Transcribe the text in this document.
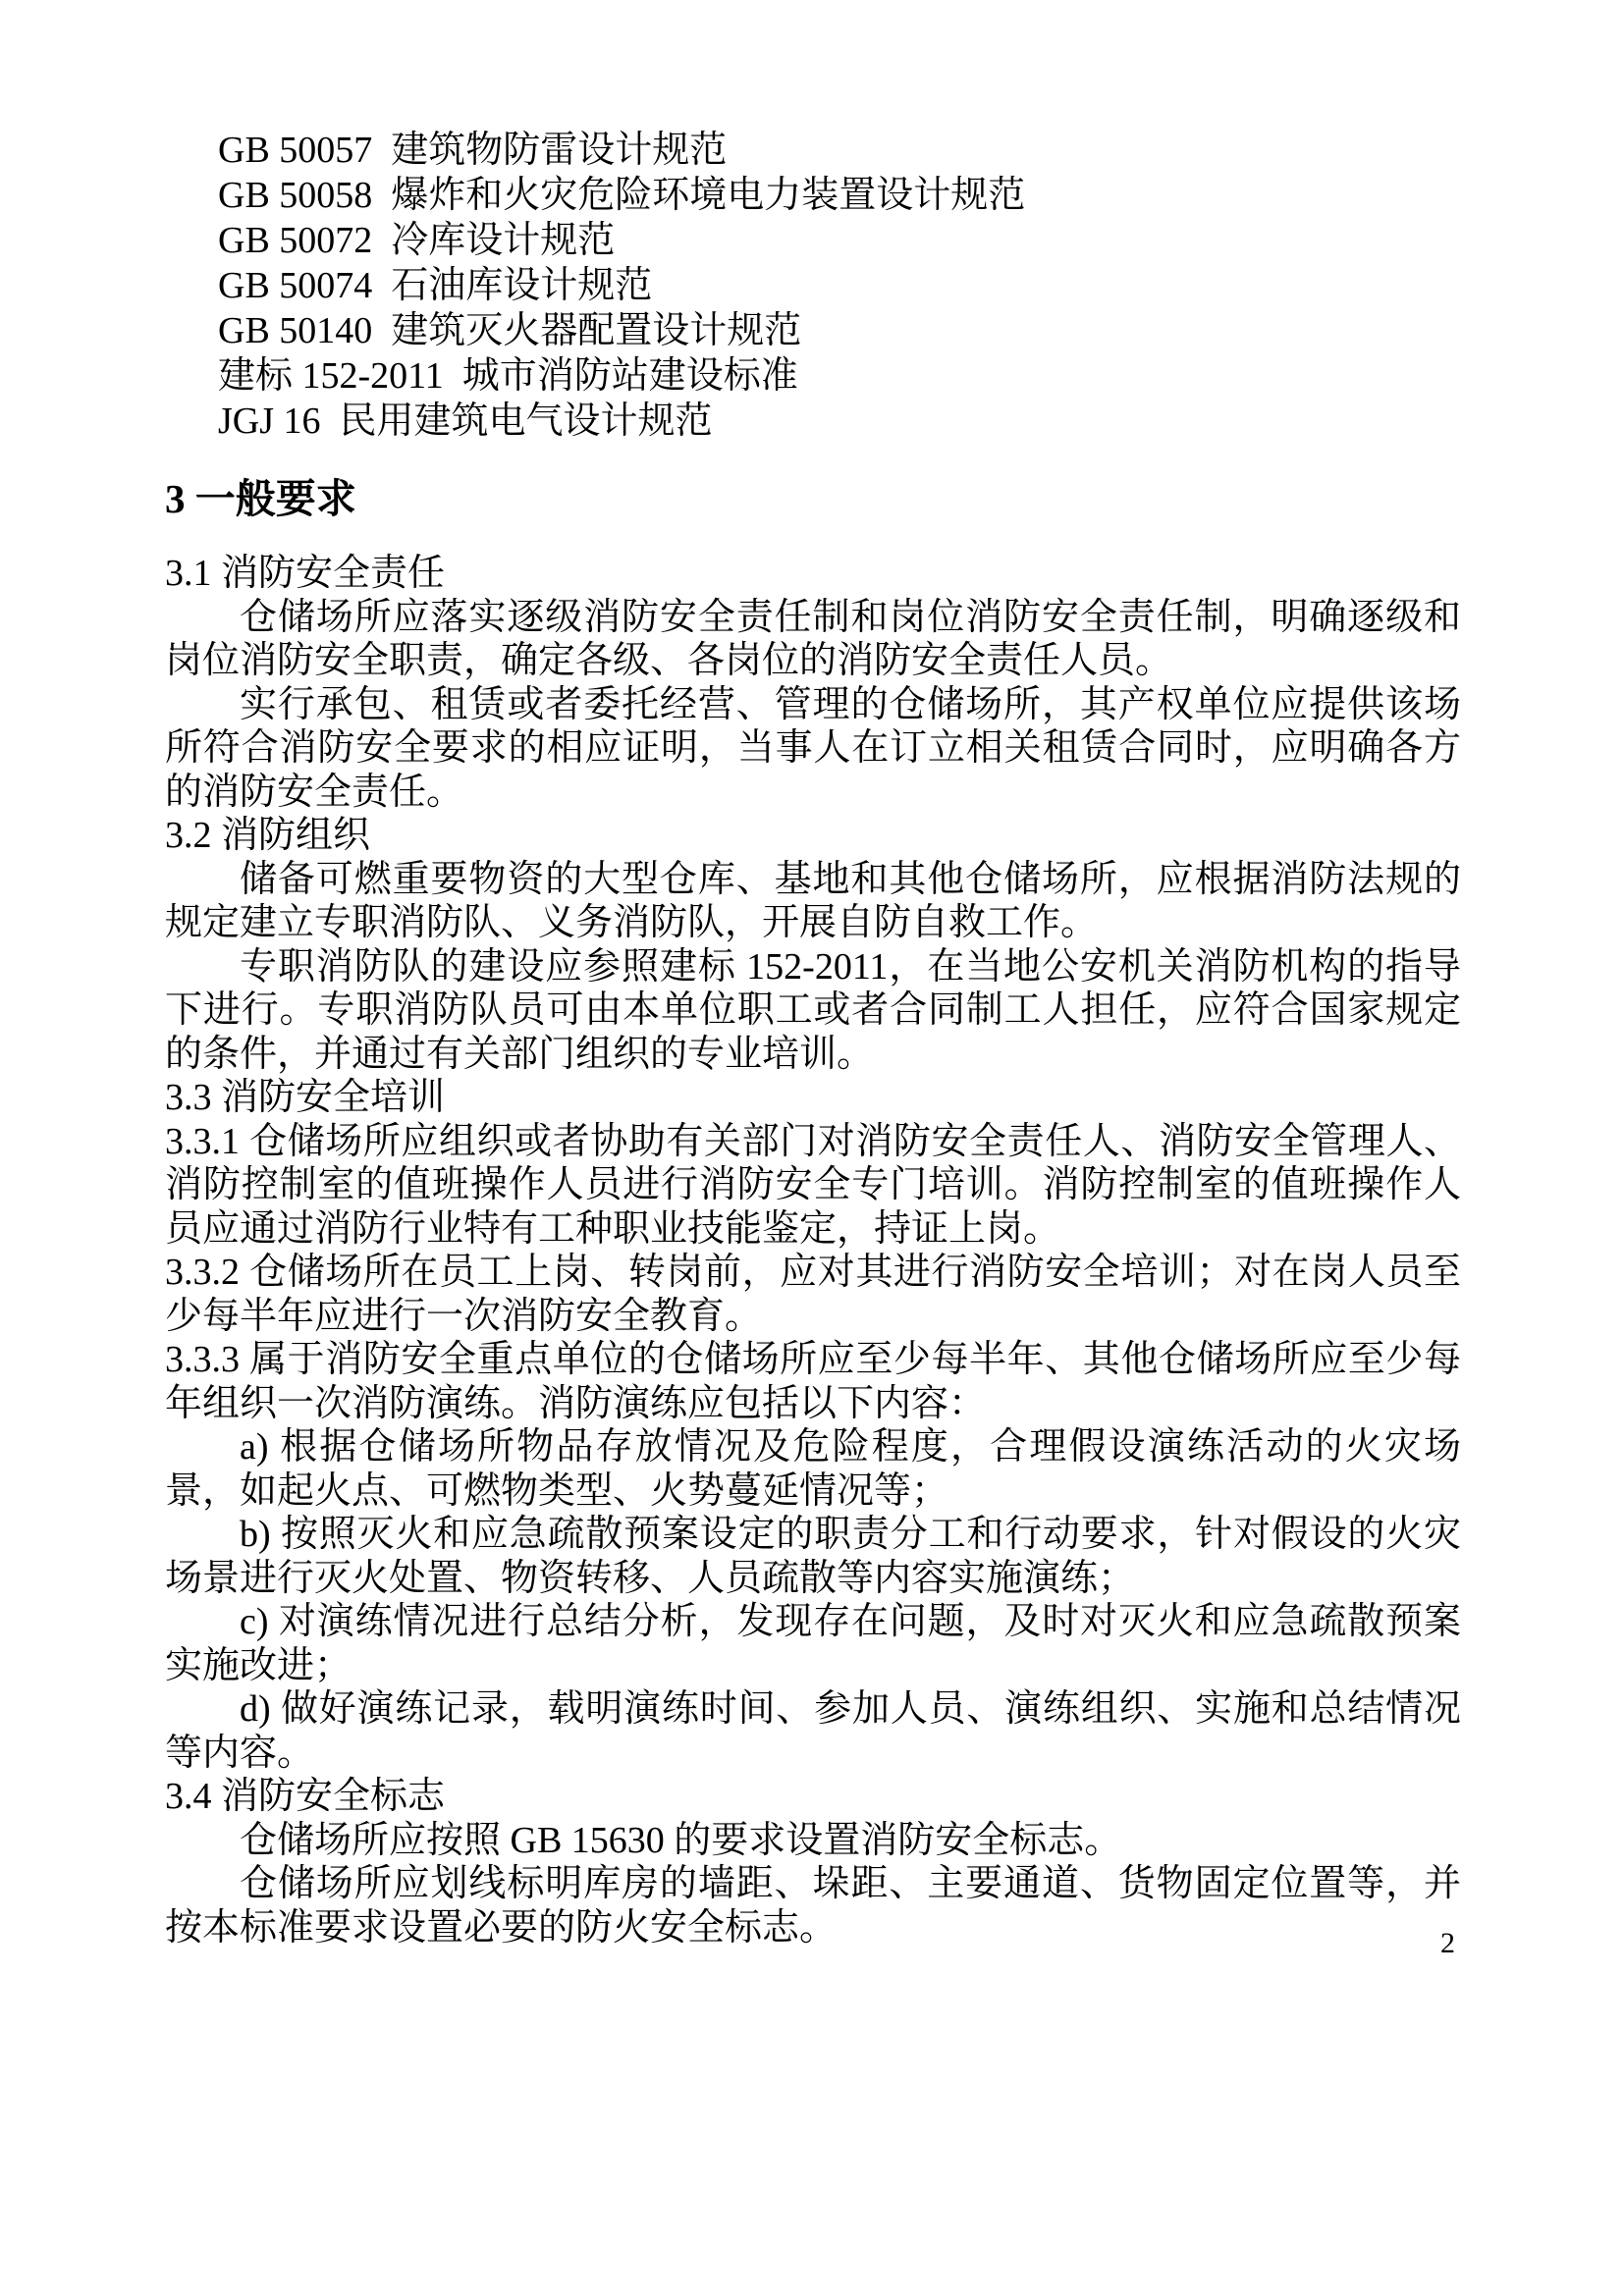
GB 50057  建筑物防雷设计规范
GB 50058  爆炸和火灾危险环境电力装置设计规范
GB 50072  冷库设计规范
GB 50074  石油库设计规范
GB 50140  建筑灭火器配置设计规范
建标 152-2011  城市消防站建设标准
JGJ 16  民用建筑电气设计规范
3 一般要求

3.1 消防安全责任

仓储场所应落实逐级消防安全责任制和岗位消防安全责任制，明确逐级和岗位消防安全职责，确定各级、各岗位的消防安全责任人员。

实行承包、租赁或者委托经营、管理的仓储场所，其产权单位应提供该场所符合消防安全要求的相应证明，当事人在订立相关租赁合同时，应明确各方的消防安全责任。

3.2 消防组织

储备可燃重要物资的大型仓库、基地和其他仓储场所，应根据消防法规的规定建立专职消防队、义务消防队，开展自防自救工作。

专职消防队的建设应参照建标 152-2011，在当地公安机关消防机构的指导下进行。专职消防队员可由本单位职工或者合同制工人担任，应符合国家规定的条件，并通过有关部门组织的专业培训。

3.3 消防安全培训

3.3.1 仓储场所应组织或者协助有关部门对消防安全责任人、消防安全管理人、消防控制室的值班操作人员进行消防安全专门培训。消防控制室的值班操作人员应通过消防行业特有工种职业技能鉴定，持证上岗。

3.3.2 仓储场所在员工上岗、转岗前，应对其进行消防安全培训；对在岗人员至少每半年应进行一次消防安全教育。

3.3.3 属于消防安全重点单位的仓储场所应至少每半年、其他仓储场所应至少每年组织一次消防演练。消防演练应包括以下内容：

a) 根据仓储场所物品存放情况及危险程度，合理假设演练活动的火灾场景，如起火点、可燃物类型、火势蔓延情况等；

b) 按照灭火和应急疏散预案设定的职责分工和行动要求，针对假设的火灾场景进行灭火处置、物资转移、人员疏散等内容实施演练；

c) 对演练情况进行总结分析，发现存在问题，及时对灭火和应急疏散预案实施改进；

d) 做好演练记录，载明演练时间、参加人员、演练组织、实施和总结情况等内容。

3.4 消防安全标志

仓储场所应按照 GB 15630 的要求设置消防安全标志。

仓储场所应划线标明库房的墙距、垛距、主要通道、货物固定位置等，并按本标准要求设置必要的防火安全标志。	2
